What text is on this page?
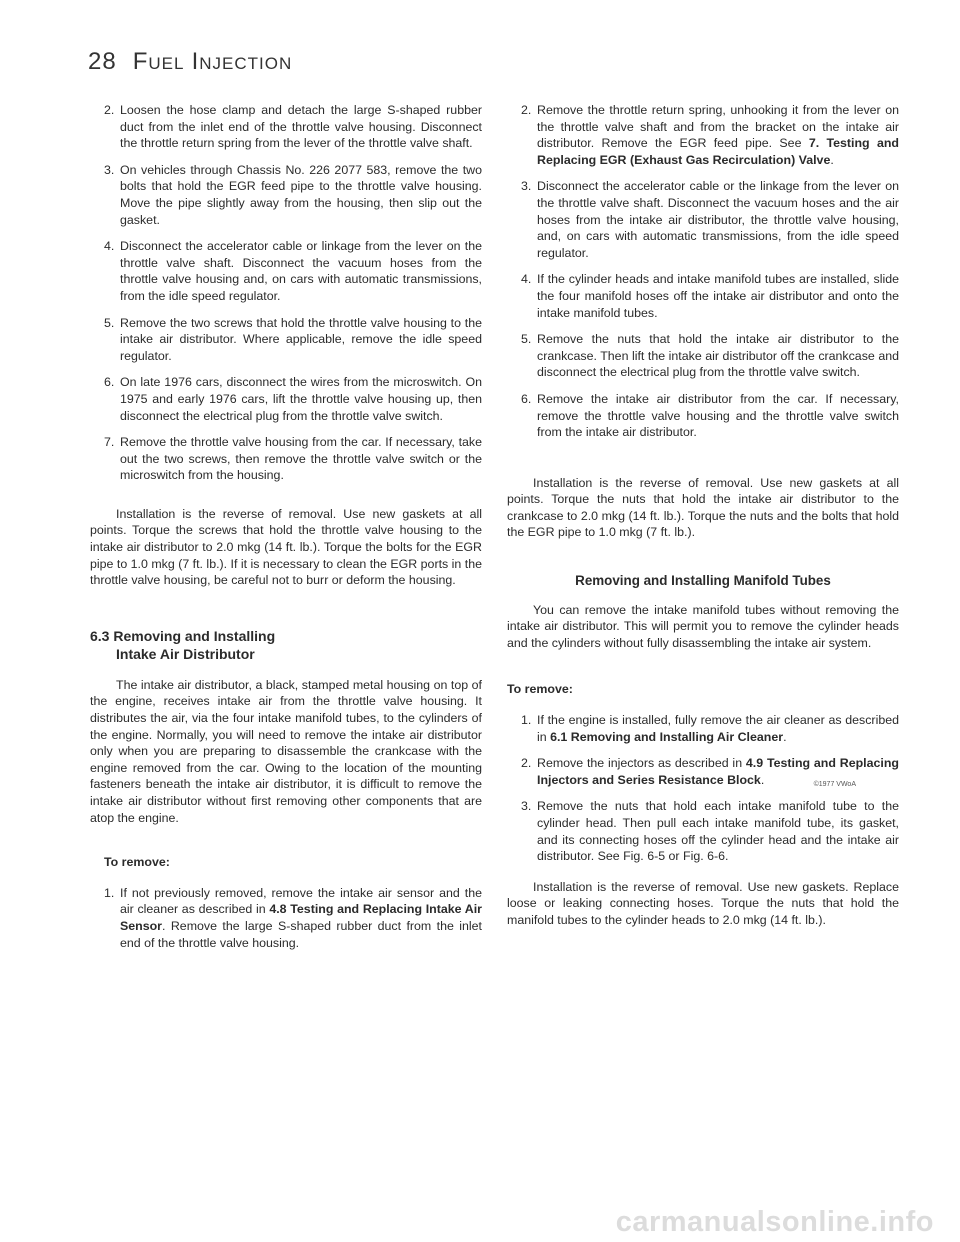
28 FUEL INJECTION
2. Loosen the hose clamp and detach the large S-shaped rubber duct from the inlet end of the throttle valve housing. Disconnect the throttle return spring from the lever of the throttle valve shaft.
3. On vehicles through Chassis No. 226 2077 583, remove the two bolts that hold the EGR feed pipe to the throttle valve housing. Move the pipe slightly away from the housing, then slip out the gasket.
4. Disconnect the accelerator cable or linkage from the lever on the throttle valve shaft. Disconnect the vacuum hoses from the throttle valve housing and, on cars with automatic transmissions, from the idle speed regulator.
5. Remove the two screws that hold the throttle valve housing to the intake air distributor. Where applicable, remove the idle speed regulator.
6. On late 1976 cars, disconnect the wires from the microswitch. On 1975 and early 1976 cars, lift the throttle valve housing up, then disconnect the electrical plug from the throttle valve switch.
7. Remove the throttle valve housing from the car. If necessary, take out the two screws, then remove the throttle valve switch or the microswitch from the housing.

Installation is the reverse of removal. Use new gaskets at all points. Torque the screws that hold the throttle valve housing to the intake air distributor to 2.0 mkg (14 ft. lb.). Torque the bolts for the EGR pipe to 1.0 mkg (7 ft. lb.). If it is necessary to clean the EGR ports in the throttle valve housing, be careful not to burr or deform the housing.

6.3 Removing and Installing
Intake Air Distributor

The intake air distributor, a black, stamped metal housing on top of the engine, receives intake air from the throttle valve housing. It distributes the air, via the four intake manifold tubes, to the cylinders of the engine. Normally, you will need to remove the intake air distributor only when you are preparing to disassemble the crankcase with the engine removed from the car. Owing to the location of the mounting fasteners beneath the intake air distributor, it is difficult to remove the intake air distributor without first removing other components that are atop the engine.

To remove:

1. If not previously removed, remove the intake air sensor and the air cleaner as described in 4.8 Testing and Replacing Intake Air Sensor. Remove the large S-shaped rubber duct from the inlet end of the throttle valve housing.
2. Remove the throttle return spring, unhooking it from the lever on the throttle valve shaft and from the bracket on the intake air distributor. Remove the EGR feed pipe. See 7. Testing and Replacing EGR (Exhaust Gas Recirculation) Valve.
3. Disconnect the accelerator cable or the linkage from the lever on the throttle valve shaft. Disconnect the vacuum hoses and the air hoses from the intake air distributor, the throttle valve housing, and, on cars with automatic transmissions, from the idle speed regulator.
4. If the cylinder heads and intake manifold tubes are installed, slide the four manifold hoses off the intake air distributor and onto the intake manifold tubes.
5. Remove the nuts that hold the intake air distributor to the crankcase. Then lift the intake air distributor off the crankcase and disconnect the electrical plug from the throttle valve switch.
6. Remove the intake air distributor from the car. If necessary, remove the throttle valve housing and the throttle valve switch from the intake air distributor.

Installation is the reverse of removal. Use new gaskets at all points. Torque the nuts that hold the intake air distributor to the crankcase to 2.0 mkg (14 ft. lb.). Torque the nuts and the bolts that hold the EGR pipe to 1.0 mkg (7 ft. lb.).

Removing and Installing Manifold Tubes

You can remove the intake manifold tubes without removing the intake air distributor. This will permit you to remove the cylinder heads and the cylinders without fully disassembling the intake air system.

To remove:

1. If the engine is installed, fully remove the air cleaner as described in 6.1 Removing and Installing Air Cleaner.
2. Remove the injectors as described in 4.9 Testing and Replacing Injectors and Series Resistance Block.
3. Remove the nuts that hold each intake manifold tube to the cylinder head. Then pull each intake manifold tube, its gasket, and its connecting hoses off the cylinder head and the intake air distributor. See Fig. 6-5 or Fig. 6-6.

Installation is the reverse of removal. Use new gaskets. Replace loose or leaking connecting hoses. Torque the nuts that hold the manifold tubes to the cylinder heads to 2.0 mkg (14 ft. lb.).

©1977 VWoA
carmanualsonline.info
